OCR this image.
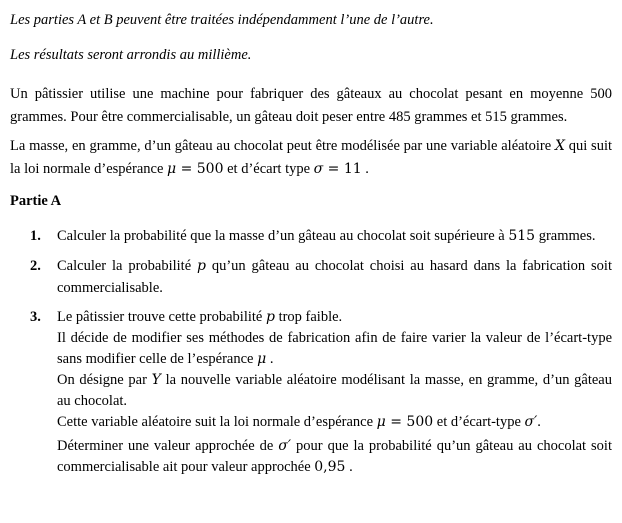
Les parties A et B peuvent être traitées indépendamment l’une de l’autre.

Les résultats seront arrondis au millième.

Un pâtissier utilise une machine pour fabriquer des gâteaux au chocolat pesant en moyenne 500 grammes. Pour être commercialisable, un gâteau doit peser entre 485 grammes et 515 grammes.

La masse, en gramme, d’un gâteau au chocolat peut être modélisée par une variable aléatoire X qui suit la loi normale d’espérance μ = 500 et d’écart type σ = 11 .

Partie A
1.	Calculer la probabilité que la masse d’un gâteau au chocolat soit supérieure à 515 grammes.
2.	Calculer la probabilité p qu’un gâteau au chocolat choisi au hasard dans la fabrication soit commercialisable.
3.	Le pâtissier trouve cette probabilité p trop faible.
Il décide de modifier ses méthodes de fabrication afin de faire varier la valeur de l’écart-type sans modifier celle de l’espérance μ .
On désigne par Y la nouvelle variable aléatoire modélisant la masse, en gramme, d’un gâteau au chocolat.
Cette variable aléatoire suit la loi normale d’espérance μ = 500 et d’écart-type σ′.
Déterminer une valeur approchée de σ′ pour que la probabilité qu’un gâteau au chocolat soit commercialisable ait pour valeur approchée 0,95 .
